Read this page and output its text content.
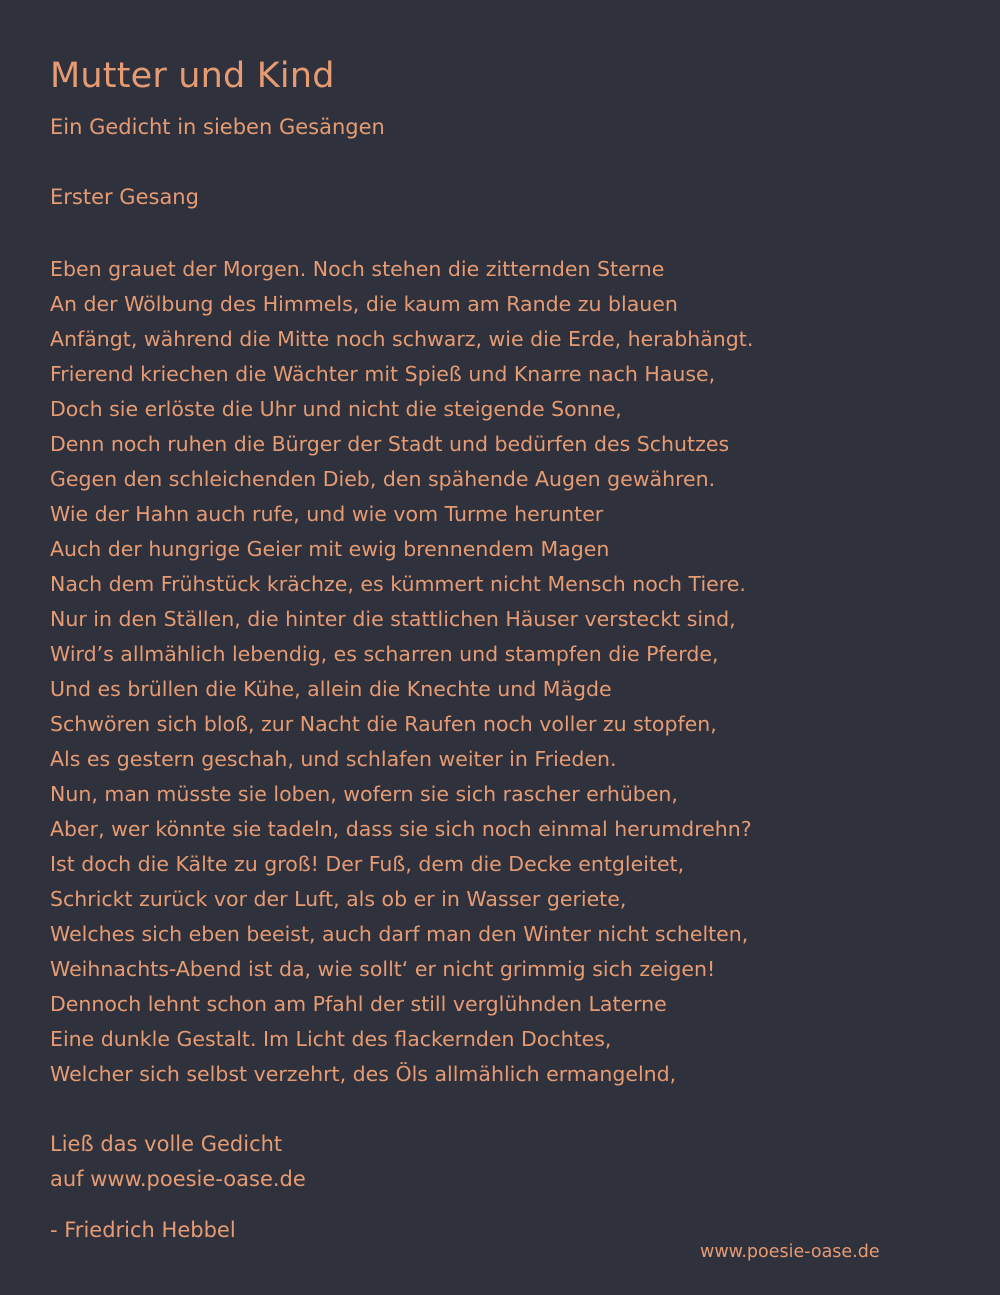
Mutter und Kind
Ein Gedicht in sieben Gesängen
Erster Gesang
Eben grauet der Morgen. Noch stehen die zitternden Sterne
An der Wölbung des Himmels, die kaum am Rande zu blauen
Anfängt, während die Mitte noch schwarz, wie die Erde, herabhängt.
Frierend kriechen die Wächter mit Spieß und Knarre nach Hause,
Doch sie erlöste die Uhr und nicht die steigende Sonne,
Denn noch ruhen die Bürger der Stadt und bedürfen des Schutzes
Gegen den schleichenden Dieb, den spähende Augen gewähren.
Wie der Hahn auch rufe, und wie vom Turme herunter
Auch der hungrige Geier mit ewig brennendem Magen
Nach dem Frühstück krächze, es kümmert nicht Mensch noch Tiere.
Nur in den Ställen, die hinter die stattlichen Häuser versteckt sind,
Wird’s allmählich lebendig, es scharren und stampfen die Pferde,
Und es brüllen die Kühe, allein die Knechte und Mägde
Schwören sich bloß, zur Nacht die Raufen noch voller zu stopfen,
Als es gestern geschah, und schlafen weiter in Frieden.
Nun, man müsste sie loben, wofern sie sich rascher erhüben,
Aber, wer könnte sie tadeln, dass sie sich noch einmal herumdrehn?
Ist doch die Kälte zu groß! Der Fuß, dem die Decke entgleitet,
Schrickt zurück vor der Luft, als ob er in Wasser geriete,
Welches sich eben beeist, auch darf man den Winter nicht schelten,
Weihnachts-Abend ist da, wie sollt‘ er nicht grimmig sich zeigen!
Dennoch lehnt schon am Pfahl der still verglühnden Laterne
Eine dunkle Gestalt. Im Licht des flackernden Dochtes,
Welcher sich selbst verzehrt, des Öls allmählich ermangelnd,
Ließ das volle Gedicht
auf www.poesie-oase.de
- Friedrich Hebbel
www.poesie-oase.de
